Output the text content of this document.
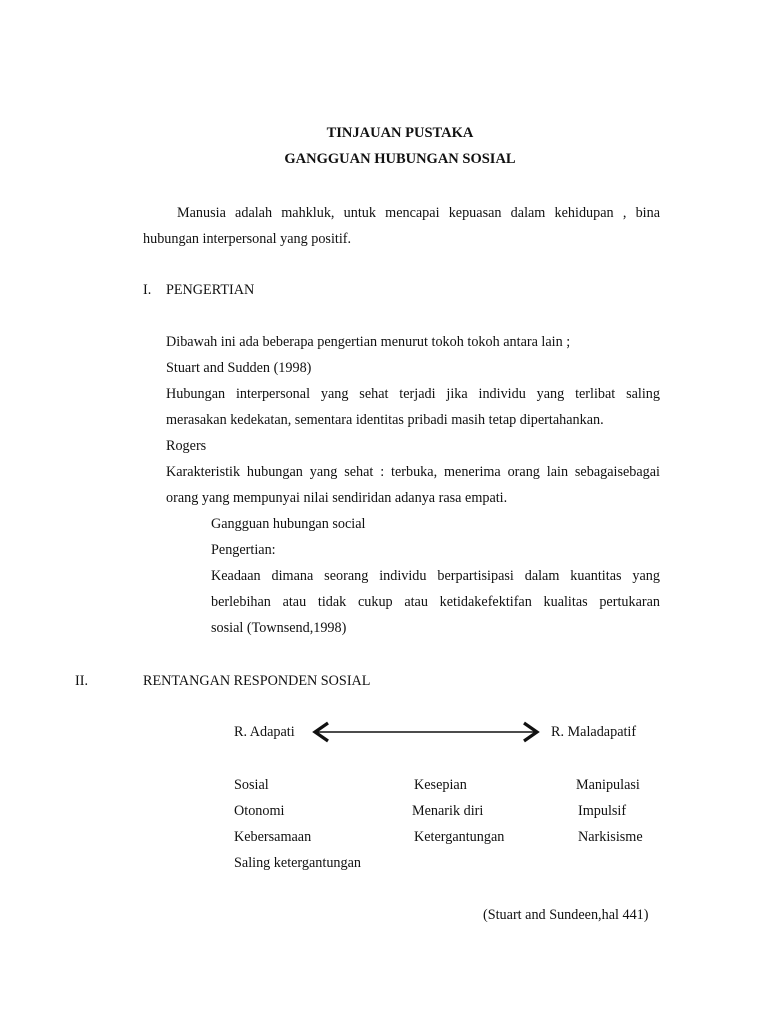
TINJAUAN PUSTAKA
GANGGUAN HUBUNGAN SOSIAL
Manusia adalah mahkluk, untuk mencapai kepuasan dalam kehidupan , bina
hubungan interpersonal yang positif.
I. PENGERTIAN
Dibawah ini ada beberapa pengertian menurut tokoh tokoh antara lain ;
Stuart and Sudden (1998)
Hubungan interpersonal yang sehat terjadi jika individu yang terlibat saling
merasakan kedekatan, sementara identitas pribadi masih tetap dipertahankan.
Rogers
Karakteristik hubungan yang sehat : terbuka, menerima orang lain sebagaisebagai
orang yang mempunyai nilai sendiridan adanya rasa empati.
Gangguan hubungan social
Pengertian:
Keadaan dimana seorang individu berpartisipasi dalam kuantitas yang
berlebihan atau tidak cukup atau ketidakefektifan kualitas pertukaran
sosial (Townsend,1998)
II.	RENTANGAN RESPONDEN SOSIAL
R. Adapati	R. Maladapatif
Sosial
Otonomi
Kebersamaan
Saling ketergantungan
Kesepian
Menarik diri
Ketergantungan
Manipulasi
Impulsif
Narkisisme
(Stuart and Sundeen,hal 441)
